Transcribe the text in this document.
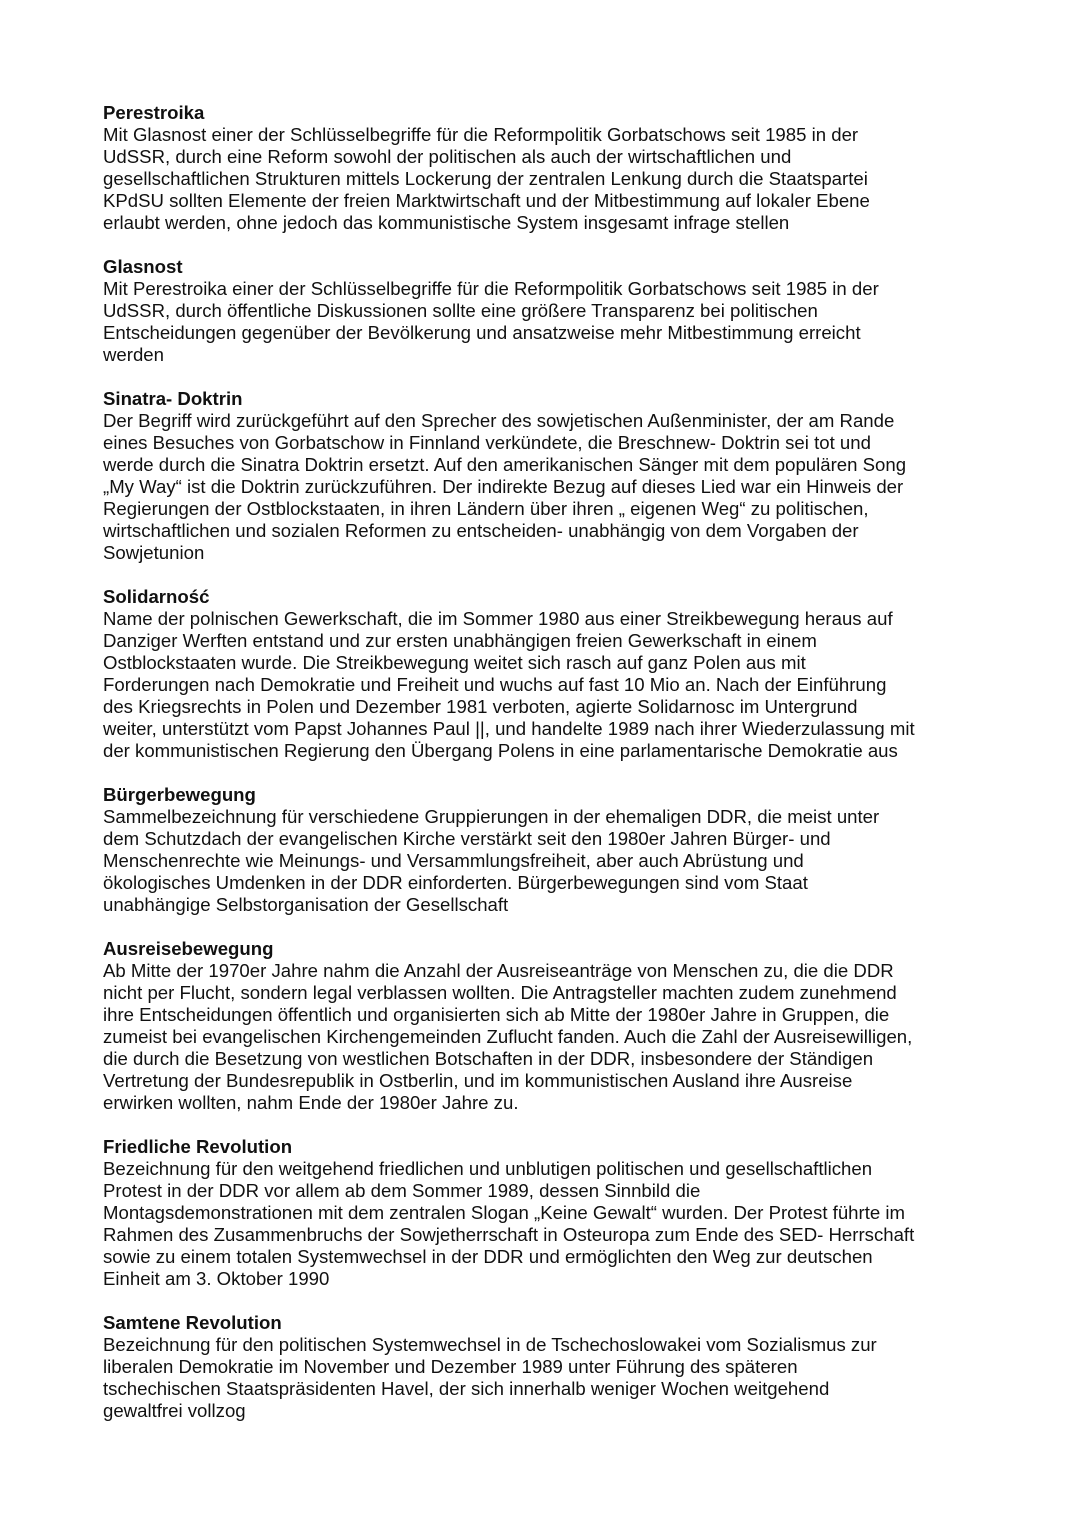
Perestroika

Mit Glasnost einer der Schlüsselbegriffe für die Reformpolitik Gorbatschows seit 1985 in der
UdSSR, durch eine Reform sowohl der politischen als auch der wirtschaftlichen und
gesellschaftlichen Strukturen mittels Lockerung der zentralen Lenkung durch die Staatspartei
KPdSU sollten Elemente der freien Marktwirtschaft und der Mitbestimmung auf lokaler Ebene
erlaubt werden, ohne jedoch das kommunistische System insgesamt infrage stellen

Glasnost

Mit Perestroika einer der Schlüsselbegriffe für die Reformpolitik Gorbatschows seit 1985 in der
UdSSR, durch öffentliche Diskussionen sollte eine größere Transparenz bei politischen
Entscheidungen gegenüber der Bevölkerung und ansatzweise mehr Mitbestimmung erreicht
werden

Sinatra- Doktrin

Der Begriff wird zurückgeführt auf den Sprecher des sowjetischen Außenminister, der am Rande
eines Besuches von Gorbatschow in Finnland verkündete, die Breschnew- Doktrin sei tot und
werde durch die Sinatra Doktrin ersetzt. Auf den amerikanischen Sänger mit dem populären Song
„My Way“ ist die Doktrin zurückzuführen. Der indirekte Bezug auf dieses Lied war ein Hinweis der
Regierungen der Ostblockstaaten, in ihren Ländern über ihren „ eigenen Weg“ zu politischen,
wirtschaftlichen und sozialen Reformen zu entscheiden- unabhängig von dem Vorgaben der
Sowjetunion

Solidarność

Name der polnischen Gewerkschaft, die im Sommer 1980 aus einer Streikbewegung heraus auf
Danziger Werften entstand und zur ersten unabhängigen freien Gewerkschaft in einem
Ostblockstaaten wurde. Die Streikbewegung weitet sich rasch auf ganz Polen aus mit
Forderungen nach Demokratie und Freiheit und wuchs auf fast 10 Mio an. Nach der Einführung
des Kriegsrechts in Polen und Dezember 1981 verboten, agierte Solidarnosc im Untergrund
weiter, unterstützt vom Papst Johannes Paul ||, und handelte 1989 nach ihrer Wiederzulassung mit
der kommunistischen Regierung den Übergang Polens in eine parlamentarische Demokratie aus

Bürgerbewegung

Sammelbezeichnung für verschiedene Gruppierungen in der ehemaligen DDR, die meist unter
dem Schutzdach der evangelischen Kirche verstärkt seit den 1980er Jahren Bürger- und
Menschenrechte wie Meinungs- und Versammlungsfreiheit, aber auch Abrüstung und
ökologisches Umdenken in der DDR einforderten. Bürgerbewegungen sind vom Staat
unabhängige Selbstorganisation der Gesellschaft

Ausreisebewegung

Ab Mitte der 1970er Jahre nahm die Anzahl der Ausreiseanträge von Menschen zu, die die DDR
nicht per Flucht, sondern legal verblassen wollten. Die Antragsteller machten zudem zunehmend
ihre Entscheidungen öffentlich und organisierten sich ab Mitte der 1980er Jahre in Gruppen, die
zumeist bei evangelischen Kirchengemeinden Zuflucht fanden. Auch die Zahl der Ausreisewilligen,
die durch die Besetzung von westlichen Botschaften in der DDR, insbesondere der Ständigen
Vertretung der Bundesrepublik in Ostberlin, und im kommunistischen Ausland ihre Ausreise
erwirken wollten, nahm Ende der 1980er Jahre zu.

Friedliche Revolution

Bezeichnung für den weitgehend friedlichen und unblutigen politischen und gesellschaftlichen
Protest in der DDR vor allem ab dem Sommer 1989, dessen Sinnbild die
Montagsdemonstrationen mit dem zentralen Slogan „Keine Gewalt“ wurden. Der Protest führte im
Rahmen des Zusammenbruchs der Sowjetherrschaft in Osteuropa zum Ende des SED- Herrschaft
sowie zu einem totalen Systemwechsel in der DDR und ermöglichten den Weg zur deutschen
Einheit am 3. Oktober 1990

Samtene Revolution

Bezeichnung für den politischen Systemwechsel in de Tschechoslowakei vom Sozialismus zur
liberalen Demokratie im November und Dezember 1989 unter Führung des späteren
tschechischen Staatspräsidenten Havel, der sich innerhalb weniger Wochen weitgehend
gewaltfrei vollzog
